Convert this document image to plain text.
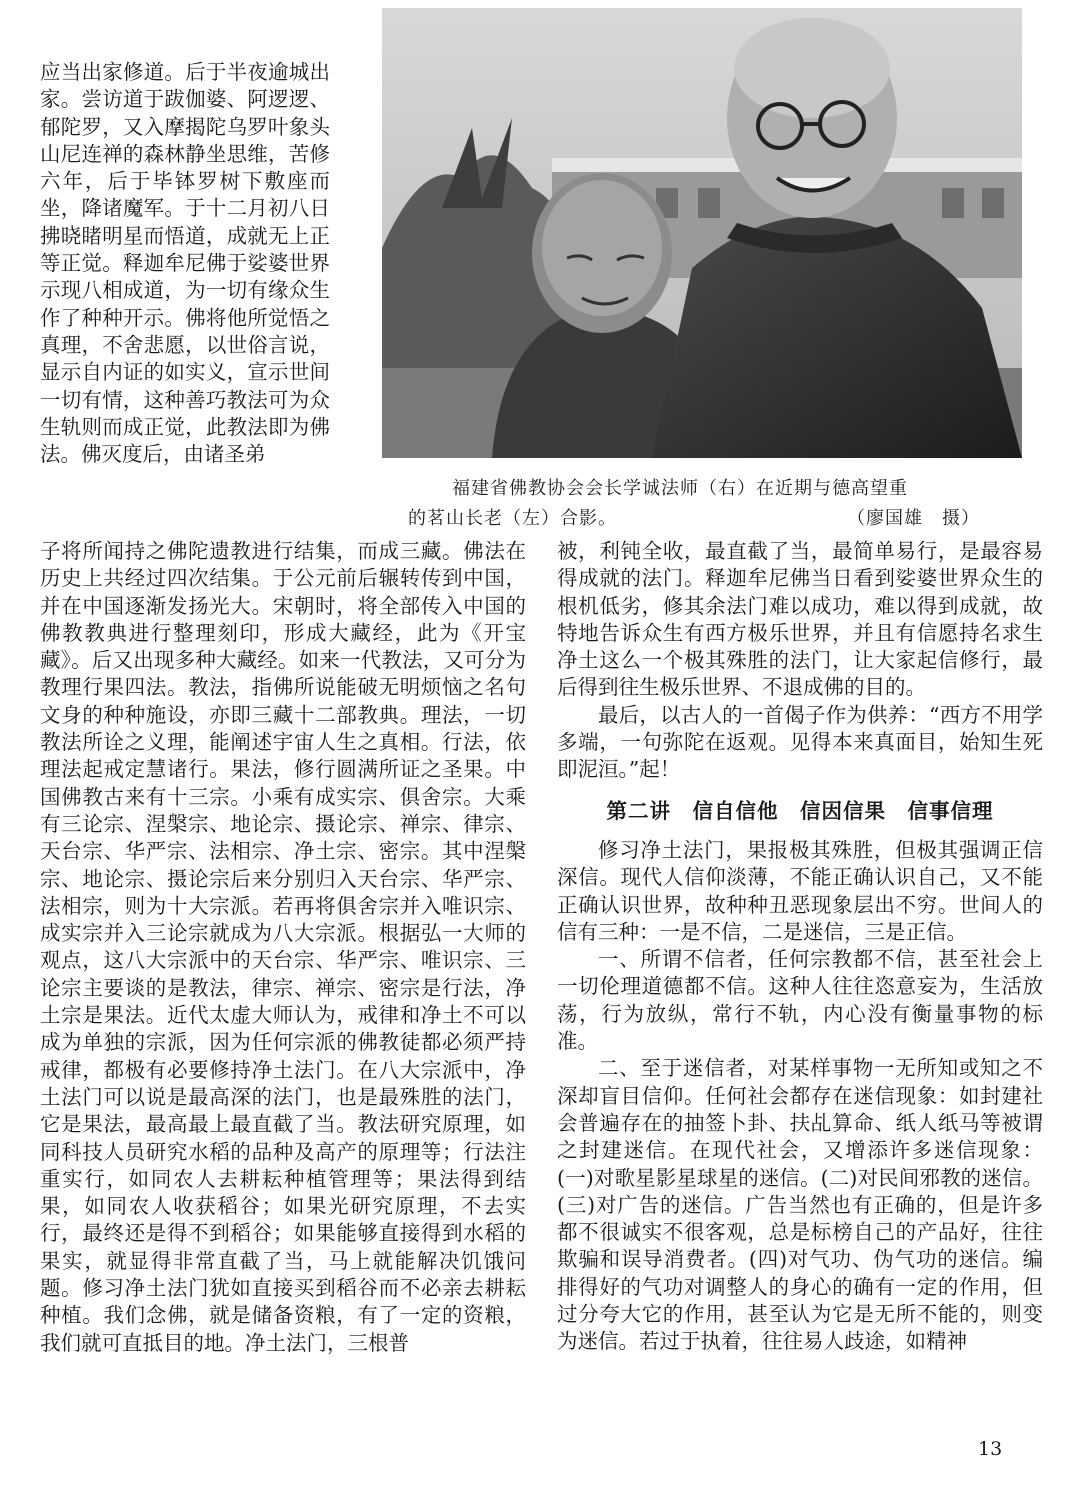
应当出家修道。后于半夜逾城出家。尝访道于跋伽婆、阿逻逻、郁陀罗，又入摩揭陀乌罗叶象头山尼连禅的森林静坐思维，苦修六年，后于毕钵罗树下敷座而坐，降诸魔军。于十二月初八日拂晓睹明星而悟道，成就无上正等正觉。释迦牟尼佛于娑婆世界示现八相成道，为一切有缘众生作了种种开示。佛将他所觉悟之真理，不舍悲愿，以世俗言说，显示自内证的如实义，宣示世间一切有情，这种善巧教法可为众生轨则而成正觉，此教法即为佛法。佛灭度后，由诸圣弟

福建省佛教协会会长学诚法师（右）在近期与德高望重
的茗山长老（左）合影。	（廖国雄　摄）

子将所闻持之佛陀遗教进行结集，而成三藏。佛法在历史上共经过四次结集。于公元前后辗转传到中国，并在中国逐渐发扬光大。宋朝时，将全部传入中国的佛教教典进行整理刻印，形成大藏经，此为《开宝藏》。后又出现多种大藏经。如来一代教法，又可分为教理行果四法。教法，指佛所说能破无明烦恼之名句文身的种种施设，亦即三藏十二部教典。理法，一切教法所诠之义理，能阐述宇宙人生之真相。行法，依理法起戒定慧诸行。果法，修行圆满所证之圣果。中国佛教古来有十三宗。小乘有成实宗、俱舍宗。大乘有三论宗、涅槃宗、地论宗、摄论宗、禅宗、律宗、天台宗、华严宗、法相宗、净土宗、密宗。其中涅槃宗、地论宗、摄论宗后来分别归入天台宗、华严宗、法相宗，则为十大宗派。若再将俱舍宗并入唯识宗、成实宗并入三论宗就成为八大宗派。根据弘一大师的观点，这八大宗派中的天台宗、华严宗、唯识宗、三论宗主要谈的是教法，律宗、禅宗、密宗是行法，净土宗是果法。近代太虚大师认为，戒律和净土不可以成为单独的宗派，因为任何宗派的佛教徒都必须严持戒律，都极有必要修持净土法门。在八大宗派中，净土法门可以说是最高深的法门，也是最殊胜的法门，它是果法，最高最上最直截了当。教法研究原理，如同科技人员研究水稻的品种及高产的原理等；行法注重实行，如同农人去耕耘种植管理等；果法得到结果，如同农人收获稻谷；如果光研究原理，不去实行，最终还是得不到稻谷；如果能够直接得到水稻的果实，就显得非常直截了当，马上就能解决饥饿问题。修习净土法门犹如直接买到稻谷而不必亲去耕耘种植。我们念佛，就是储备资粮，有了一定的资粮，我们就可直抵目的地。净土法门，三根普

被，利钝全收，最直截了当，最简单易行，是最容易得成就的法门。释迦牟尼佛当日看到娑婆世界众生的根机低劣，修其余法门难以成功，难以得到成就，故特地告诉众生有西方极乐世界，并且有信愿持名求生净土这么一个极其殊胜的法门，让大家起信修行，最后得到往生极乐世界、不退成佛的目的。

最后，以古人的一首偈子作为供养：“西方不用学多端，一句弥陀在返观。见得本来真面目，始知生死即泥洹。”起！

第二讲　信自信他　信因信果　信事信理

修习净土法门，果报极其殊胜，但极其强调正信深信。现代人信仰淡薄，不能正确认识自己，又不能正确认识世界，故种种丑恶现象层出不穷。世间人的信有三种：一是不信，二是迷信，三是正信。

一、所谓不信者，任何宗教都不信，甚至社会上一切伦理道德都不信。这种人往往恣意妄为，生活放荡，行为放纵，常行不轨，内心没有衡量事物的标准。

二、至于迷信者，对某样事物一无所知或知之不深却盲目信仰。任何社会都存在迷信现象：如封建社会普遍存在的抽签卜卦、扶乩算命、纸人纸马等被谓之封建迷信。在现代社会，又增添许多迷信现象：(一)对歌星影星球星的迷信。(二)对民间邪教的迷信。(三)对广告的迷信。广告当然也有正确的，但是许多都不很诚实不很客观，总是标榜自己的产品好，往往欺骗和误导消费者。(四)对气功、伪气功的迷信。编排得好的气功对调整人的身心的确有一定的作用，但过分夸大它的作用，甚至认为它是无所不能的，则变为迷信。若过于执着，往往易人歧途，如精神

13
